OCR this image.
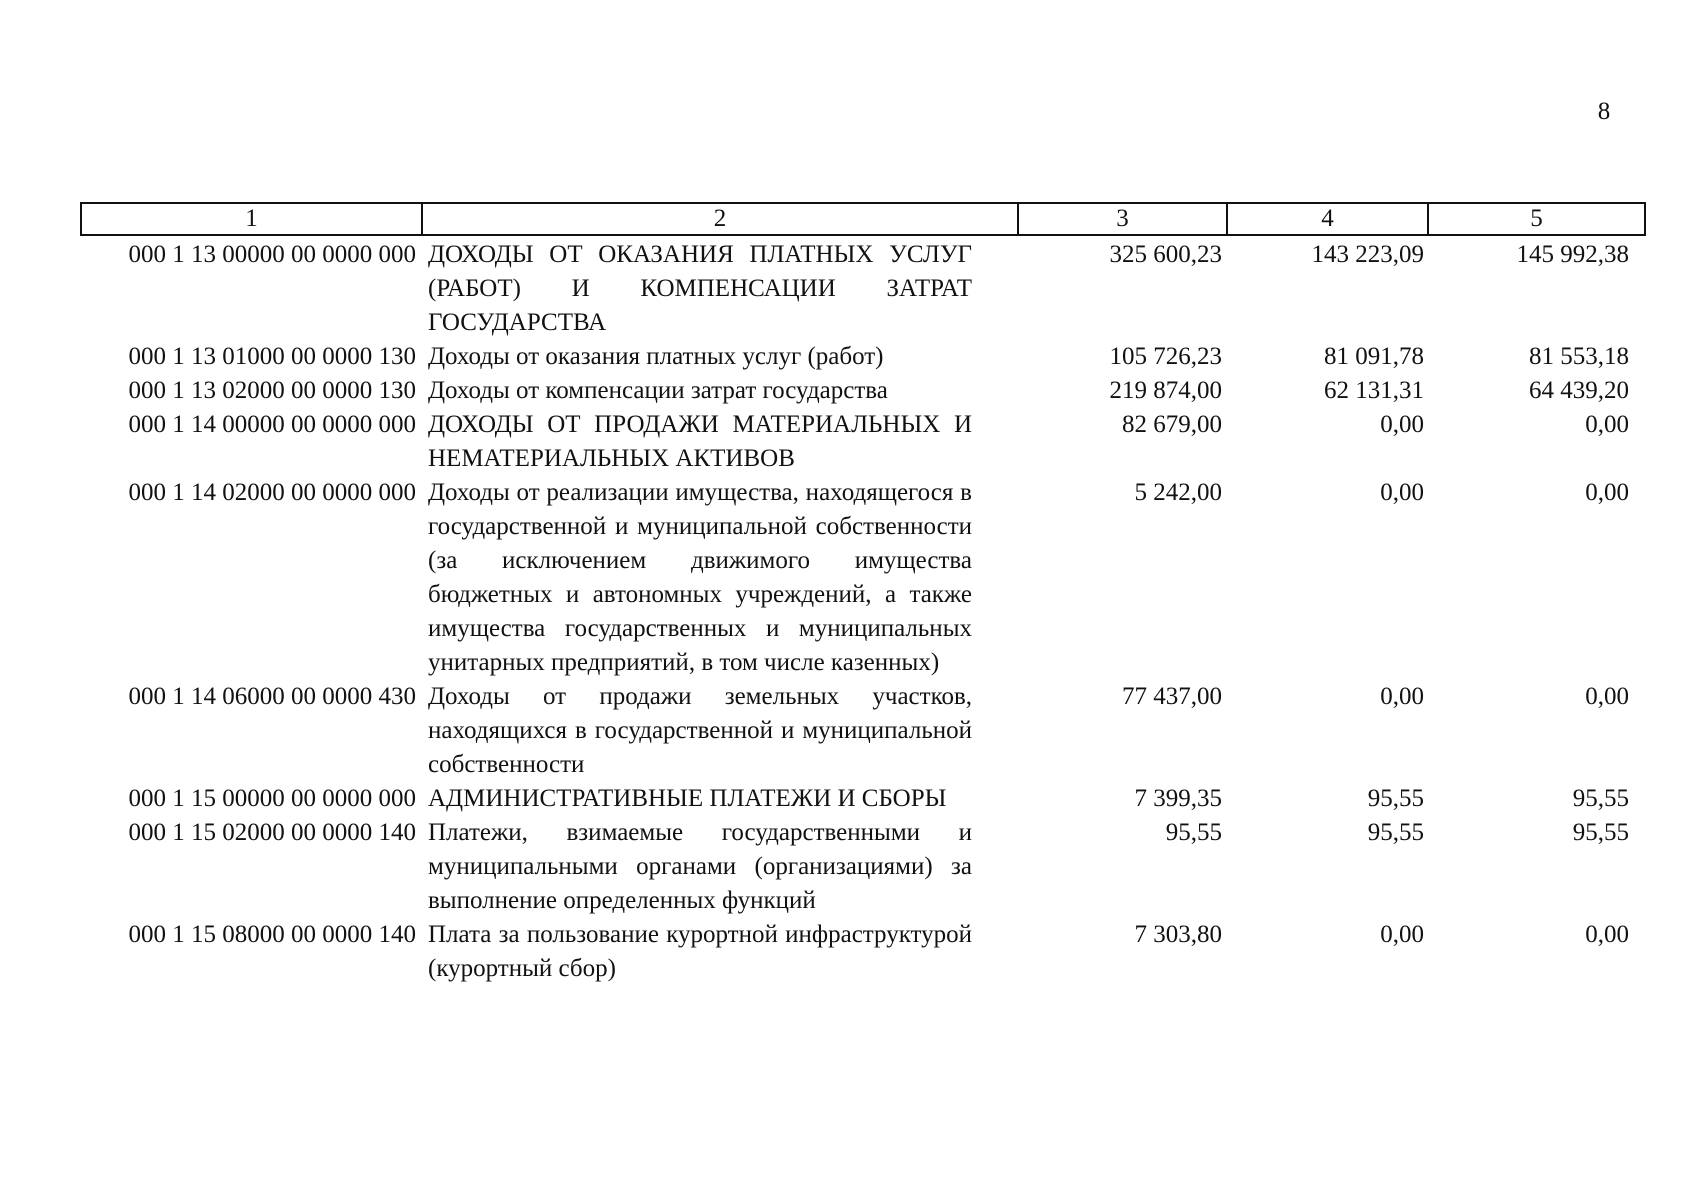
8
1	2	3	4	5
000 1 13 00000 00 0000 000	ДОХОДЫ ОТ ОКАЗАНИЯ ПЛАТНЫХ УСЛУГ (РАБОТ) И КОМПЕНСАЦИИ ЗАТРАТ ГОСУДАРСТВА	325 600,23	143 223,09	145 992,38
000 1 13 01000 00 0000 130	Доходы от оказания платных услуг (работ)	105 726,23	81 091,78	81 553,18
000 1 13 02000 00 0000 130	Доходы от компенсации затрат государства	219 874,00	62 131,31	64 439,20
000 1 14 00000 00 0000 000	ДОХОДЫ ОТ ПРОДАЖИ МАТЕРИАЛЬНЫХ И НЕМАТЕРИАЛЬНЫХ АКТИВОВ	82 679,00	0,00	0,00
000 1 14 02000 00 0000 000	Доходы от реализации имущества, находящегося в государственной и муниципальной собственности (за исключением движимого имущества бюджетных и автономных учреждений, а также имущества государственных и муниципальных унитарных предприятий, в том числе казенных)	5 242,00	0,00	0,00
000 1 14 06000 00 0000 430	Доходы от продажи земельных участков, находящихся в государственной и муниципальной собственности	77 437,00	0,00	0,00
000 1 15 00000 00 0000 000	АДМИНИСТРАТИВНЫЕ ПЛАТЕЖИ И СБОРЫ	7 399,35	95,55	95,55
000 1 15 02000 00 0000 140	Платежи, взимаемые государственными и муниципальными органами (организациями) за выполнение определенных функций	95,55	95,55	95,55
000 1 15 08000 00 0000 140	Плата за пользование курортной инфраструктурой (курортный сбор)	7 303,80	0,00	0,00
